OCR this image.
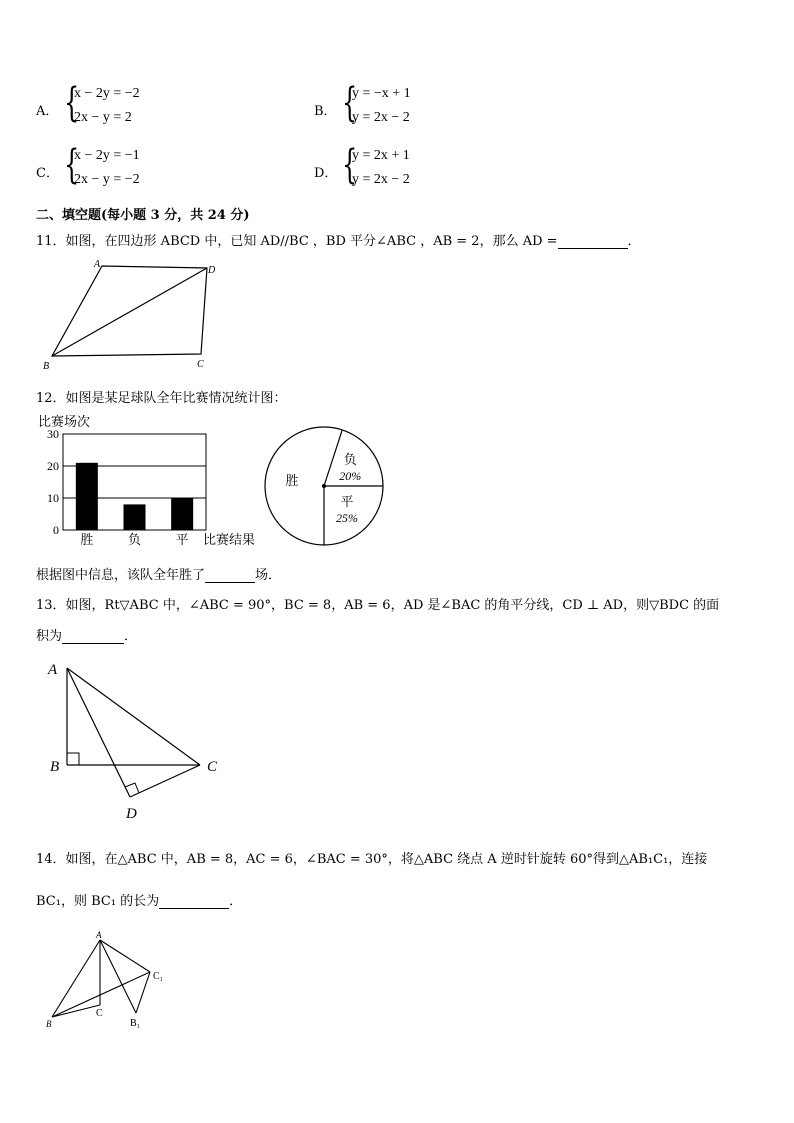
A． {
x − 2y = −2
2x − y = 2	B． {
y = −x + 1
y = 2x − 2
C． {
x − 2y = −1
2x − y = −2	D． {
y = 2x + 1
y = 2x − 2
二、填空题(每小题 3 分，共 24 分)
11．如图，在四边形 ABCD 中，已知 AD//BC ，BD 平分∠ABC ，AB = 2，那么 AD =	．
A
D
B	C
12．如图是某足球队全年比赛情况统计图：
比赛场次
0
10
20
30
胜	负	平 比赛结果
负
20%
平
25%
胜
根据图中信息，该队全年胜了	场．
13．如图，Rt▽ABC 中，∠ABC = 90°，BC = 8，AB = 6，AD 是∠BAC 的角平分线，CD ⊥ AD，则▽BDC 的面
积为	．
A
B	C
D
14．如图，在△ABC 中，AB = 8，AC = 6，∠BAC = 30°，将△ABC 绕点 A 逆时针旋转 60°得到△AB₁C₁，连接
BC₁，则 BC₁ 的长为	．
A
B
C
B₁
C₁
